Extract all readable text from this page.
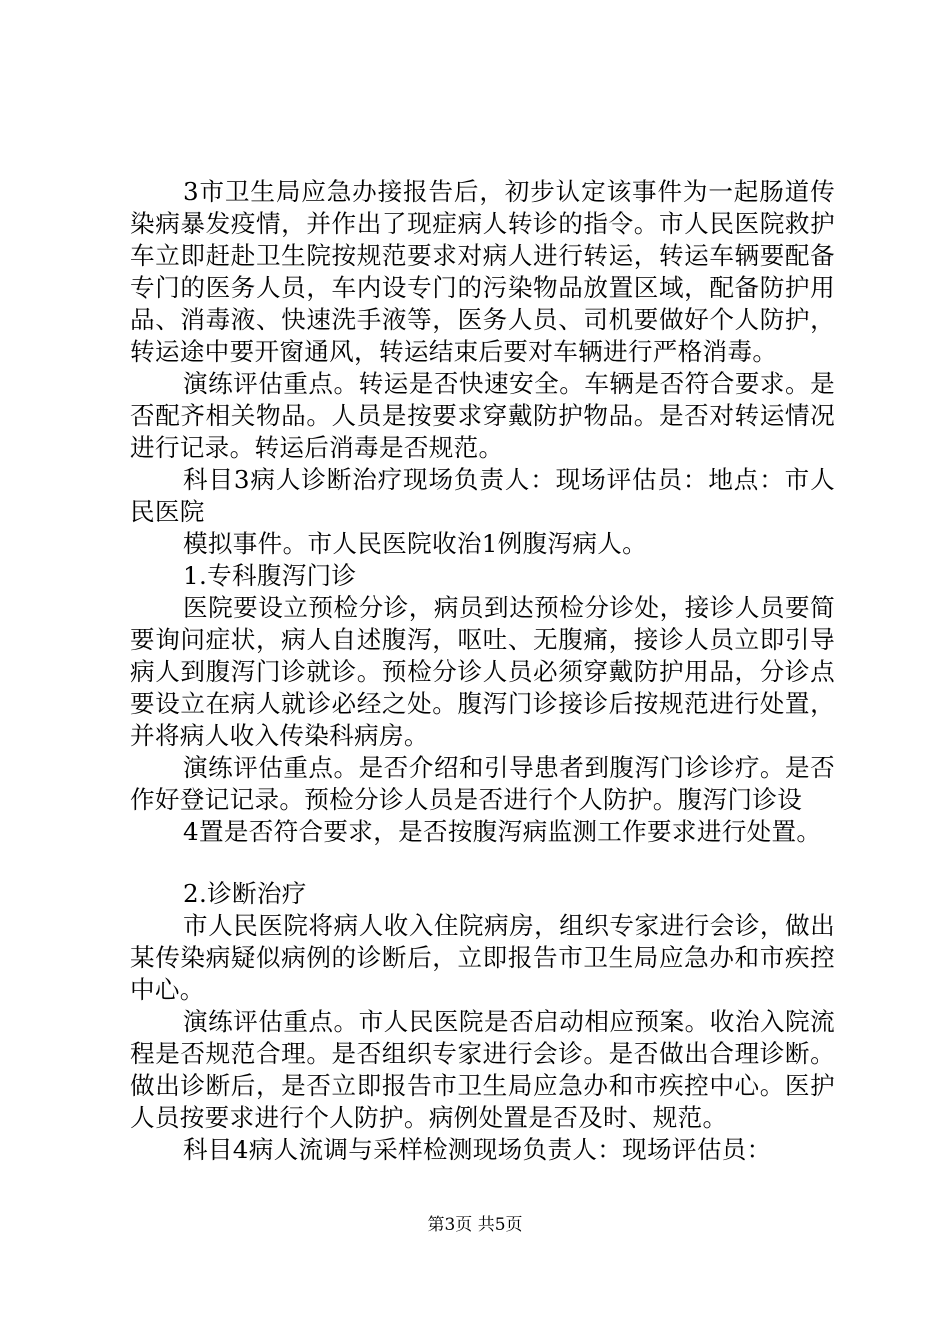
3市卫生局应急办接报告后，初步认定该事件为一起肠道传染病暴发疫情，并作出了现症病人转诊的指令。市人民医院救护车立即赶赴卫生院按规范要求对病人进行转运，转运车辆要配备专门的医务人员，车内设专门的污染物品放置区域，配备防护用品、消毒液、快速洗手液等，医务人员、司机要做好个人防护，转运途中要开窗通风，转运结束后要对车辆进行严格消毒。

演练评估重点。转运是否快速安全。车辆是否符合要求。是否配齐相关物品。人员是按要求穿戴防护物品。是否对转运情况进行记录。转运后消毒是否规范。

科目3病人诊断治疗现场负责人：现场评估员：地点：市人民医院

模拟事件。市人民医院收治1例腹泻病人。

1.专科腹泻门诊

医院要设立预检分诊，病员到达预检分诊处，接诊人员要简要询问症状，病人自述腹泻，呕吐、无腹痛，接诊人员立即引导病人到腹泻门诊就诊。预检分诊人员必须穿戴防护用品，分诊点要设立在病人就诊必经之处。腹泻门诊接诊后按规范进行处置，并将病人收入传染科病房。

演练评估重点。是否介绍和引导患者到腹泻门诊诊疗。是否作好登记记录。预检分诊人员是否进行个人防护。腹泻门诊设

4置是否符合要求，是否按腹泻病监测工作要求进行处置。

2.诊断治疗

市人民医院将病人收入住院病房，组织专家进行会诊，做出某传染病疑似病例的诊断后，立即报告市卫生局应急办和市疾控中心。

演练评估重点。市人民医院是否启动相应预案。收治入院流程是否规范合理。是否组织专家进行会诊。是否做出合理诊断。做出诊断后，是否立即报告市卫生局应急办和市疾控中心。医护人员按要求进行个人防护。病例处置是否及时、规范。

科目4病人流调与采样检测现场负责人：现场评估员：

第3页 共5页
